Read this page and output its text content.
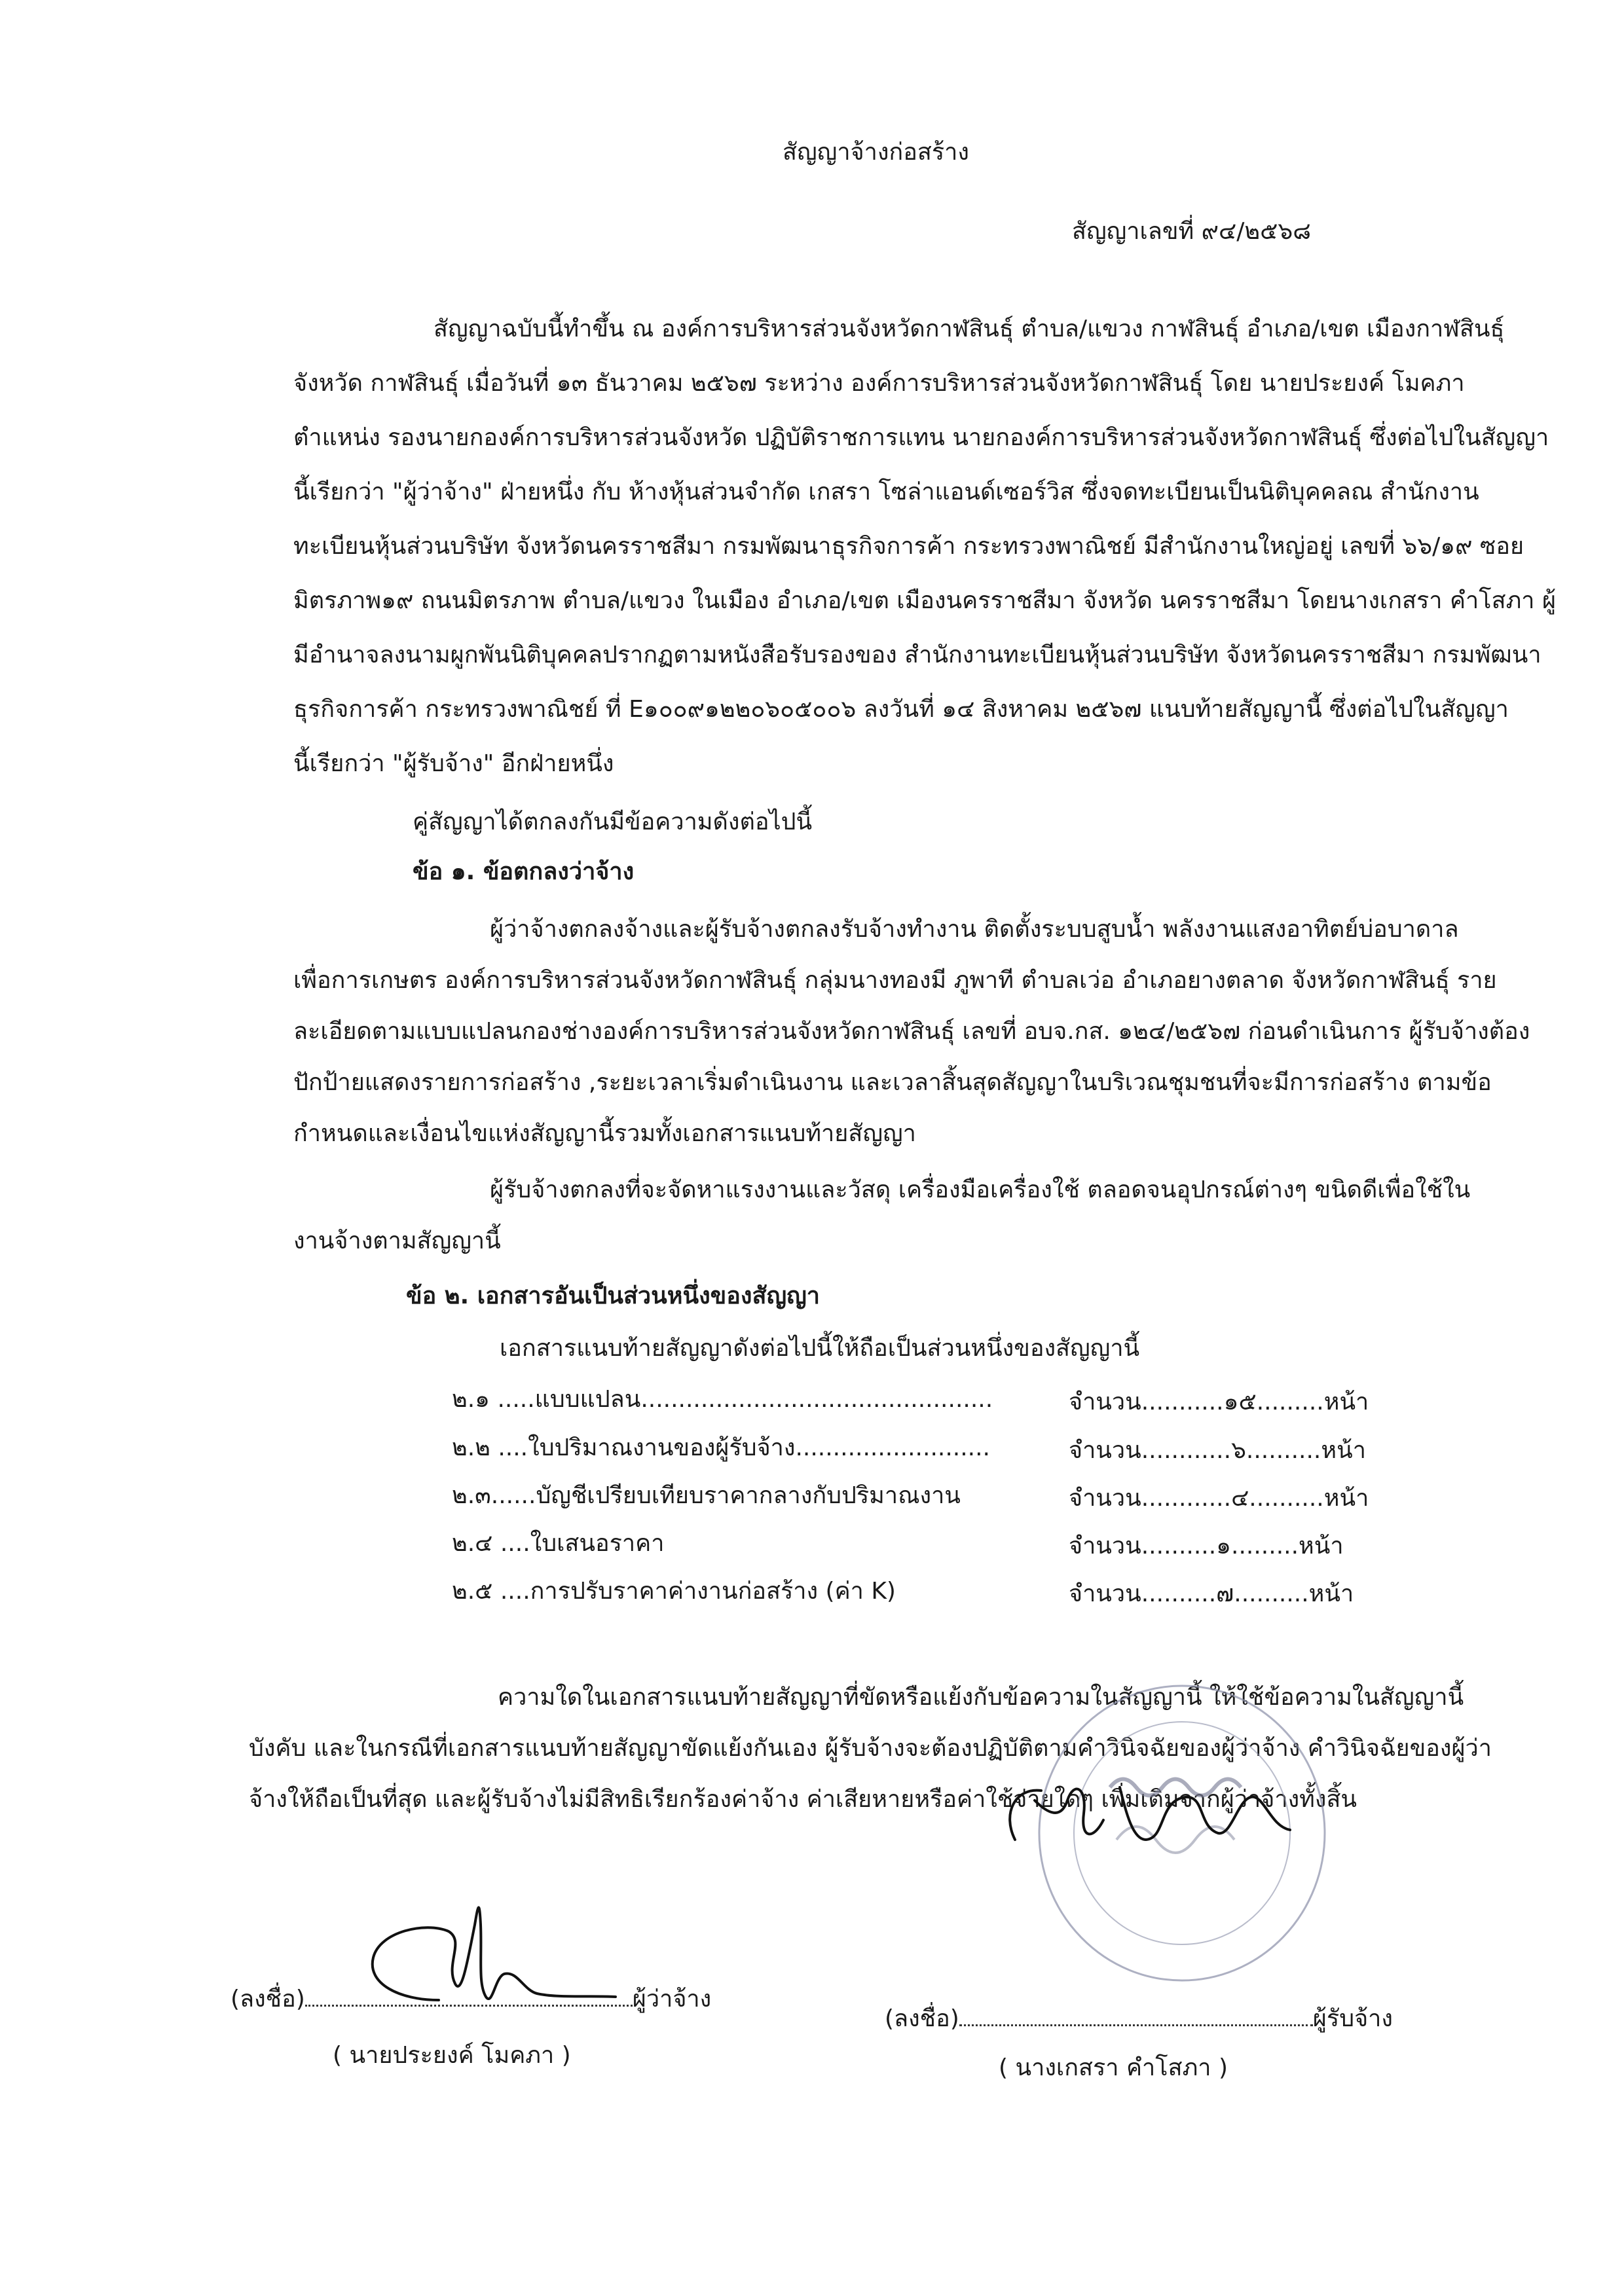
สัญญาจ้างก่อสร้าง
สัญญาเลขที่ ๙๔/๒๕๖๘
สัญญาฉบับนี้ทำขึ้น ณ องค์การบริหารส่วนจังหวัดกาฬสินธุ์ ตำบล/แขวง กาฬสินธุ์ อำเภอ/เขต เมืองกาฬสินธุ์
จังหวัด กาฬสินธุ์ เมื่อวันที่ ๑๓ ธันวาคม ๒๕๖๗ ระหว่าง องค์การบริหารส่วนจังหวัดกาฬสินธุ์ โดย นายประยงค์ โมคภา
ตำแหน่ง รองนายกองค์การบริหารส่วนจังหวัด ปฏิบัติราชการแทน นายกองค์การบริหารส่วนจังหวัดกาฬสินธุ์ ซึ่งต่อไปในสัญญา
นี้เรียกว่า "ผู้ว่าจ้าง" ฝ่ายหนึ่ง กับ ห้างหุ้นส่วนจำกัด เกสรา โซล่าแอนด์เซอร์วิส ซึ่งจดทะเบียนเป็นนิติบุคคลณ สำนักงาน
ทะเบียนหุ้นส่วนบริษัท จังหวัดนครราชสีมา กรมพัฒนาธุรกิจการค้า กระทรวงพาณิชย์ มีสำนักงานใหญ่อยู่ เลขที่ ๖๖/๑๙ ซอย
มิตรภาพ๑๙ ถนนมิตรภาพ ตำบล/แขวง ในเมือง อำเภอ/เขต เมืองนครราชสีมา จังหวัด นครราชสีมา โดยนางเกสรา คำโสภา ผู้
มีอำนาจลงนามผูกพันนิติบุคคลปรากฏตามหนังสือรับรองของ สำนักงานทะเบียนหุ้นส่วนบริษัท จังหวัดนครราชสีมา กรมพัฒนา
ธุรกิจการค้า กระทรวงพาณิชย์ ที่ E๑๐๐๙๑๒๒๐๖๐๕๐๐๖ ลงวันที่ ๑๔ สิงหาคม ๒๕๖๗ แนบท้ายสัญญานี้ ซึ่งต่อไปในสัญญา
นี้เรียกว่า "ผู้รับจ้าง" อีกฝ่ายหนึ่ง
คู่สัญญาได้ตกลงกันมีข้อความดังต่อไปนี้
ข้อ ๑. ข้อตกลงว่าจ้าง
ผู้ว่าจ้างตกลงจ้างและผู้รับจ้างตกลงรับจ้างทำงาน ติดตั้งระบบสูบน้ำ พลังงานแสงอาทิตย์บ่อบาดาล
เพื่อการเกษตร องค์การบริหารส่วนจังหวัดกาฬสินธุ์ กลุ่มนางทองมี ภูพาที ตำบลเว่อ อำเภอยางตลาด จังหวัดกาฬสินธุ์ ราย
ละเอียดตามแบบแปลนกองช่างองค์การบริหารส่วนจังหวัดกาฬสินธุ์ เลขที่ อบจ.กส. ๑๒๔/๒๕๖๗ ก่อนดำเนินการ ผู้รับจ้างต้อง
ปักป้ายแสดงรายการก่อสร้าง ,ระยะเวลาเริ่มดำเนินงาน และเวลาสิ้นสุดสัญญาในบริเวณชุมชนที่จะมีการก่อสร้าง ตามข้อ
กำหนดและเงื่อนไขแห่งสัญญานี้รวมทั้งเอกสารแนบท้ายสัญญา
ผู้รับจ้างตกลงที่จะจัดหาแรงงานและวัสดุ เครื่องมือเครื่องใช้ ตลอดจนอุปกรณ์ต่างๆ ขนิดดีเพื่อใช้ใน
งานจ้างตามสัญญานี้
ข้อ ๒. เอกสารอันเป็นส่วนหนึ่งของสัญญา
เอกสารแนบท้ายสัญญาดังต่อไปนี้ให้ถือเป็นส่วนหนึ่งของสัญญานี้
๒.๑ .....แบบแปลน...............................................	จำนวน...........๑๕.........หน้า
๒.๒ ....ใบปริมาณงานของผู้รับจ้าง..........................	จำนวน............๖..........หน้า
๒.๓......บัญชีเปรียบเทียบราคากลางกับปริมาณงาน	จำนวน............๔..........หน้า
๒.๔ ....ใบเสนอราคา	จำนวน..........๑.........หน้า
๒.๕ ....การปรับราคาค่างานก่อสร้าง (ค่า K)	จำนวน..........๗..........หน้า
ความใดในเอกสารแนบท้ายสัญญาที่ขัดหรือแย้งกับข้อความในสัญญานี้ ให้ใช้ข้อความในสัญญานี้
บังคับ และในกรณีที่เอกสารแนบท้ายสัญญาขัดแย้งกันเอง ผู้รับจ้างจะต้องปฏิบัติตามคำวินิจฉัยของผู้ว่าจ้าง คำวินิจฉัยของผู้ว่า
จ้างให้ถือเป็นที่สุด และผู้รับจ้างไม่มีสิทธิเรียกร้องค่าจ้าง ค่าเสียหายหรือค่าใช้จ่ายใดๆ เพิ่มเติมจากผู้ว่าจ้างทั้งสิ้น
(ลงชื่อ)	ผู้ว่าจ้าง
( นายประยงค์ โมคภา )
(ลงชื่อ)	ผู้รับจ้าง
( นางเกสรา คำโสภา )
